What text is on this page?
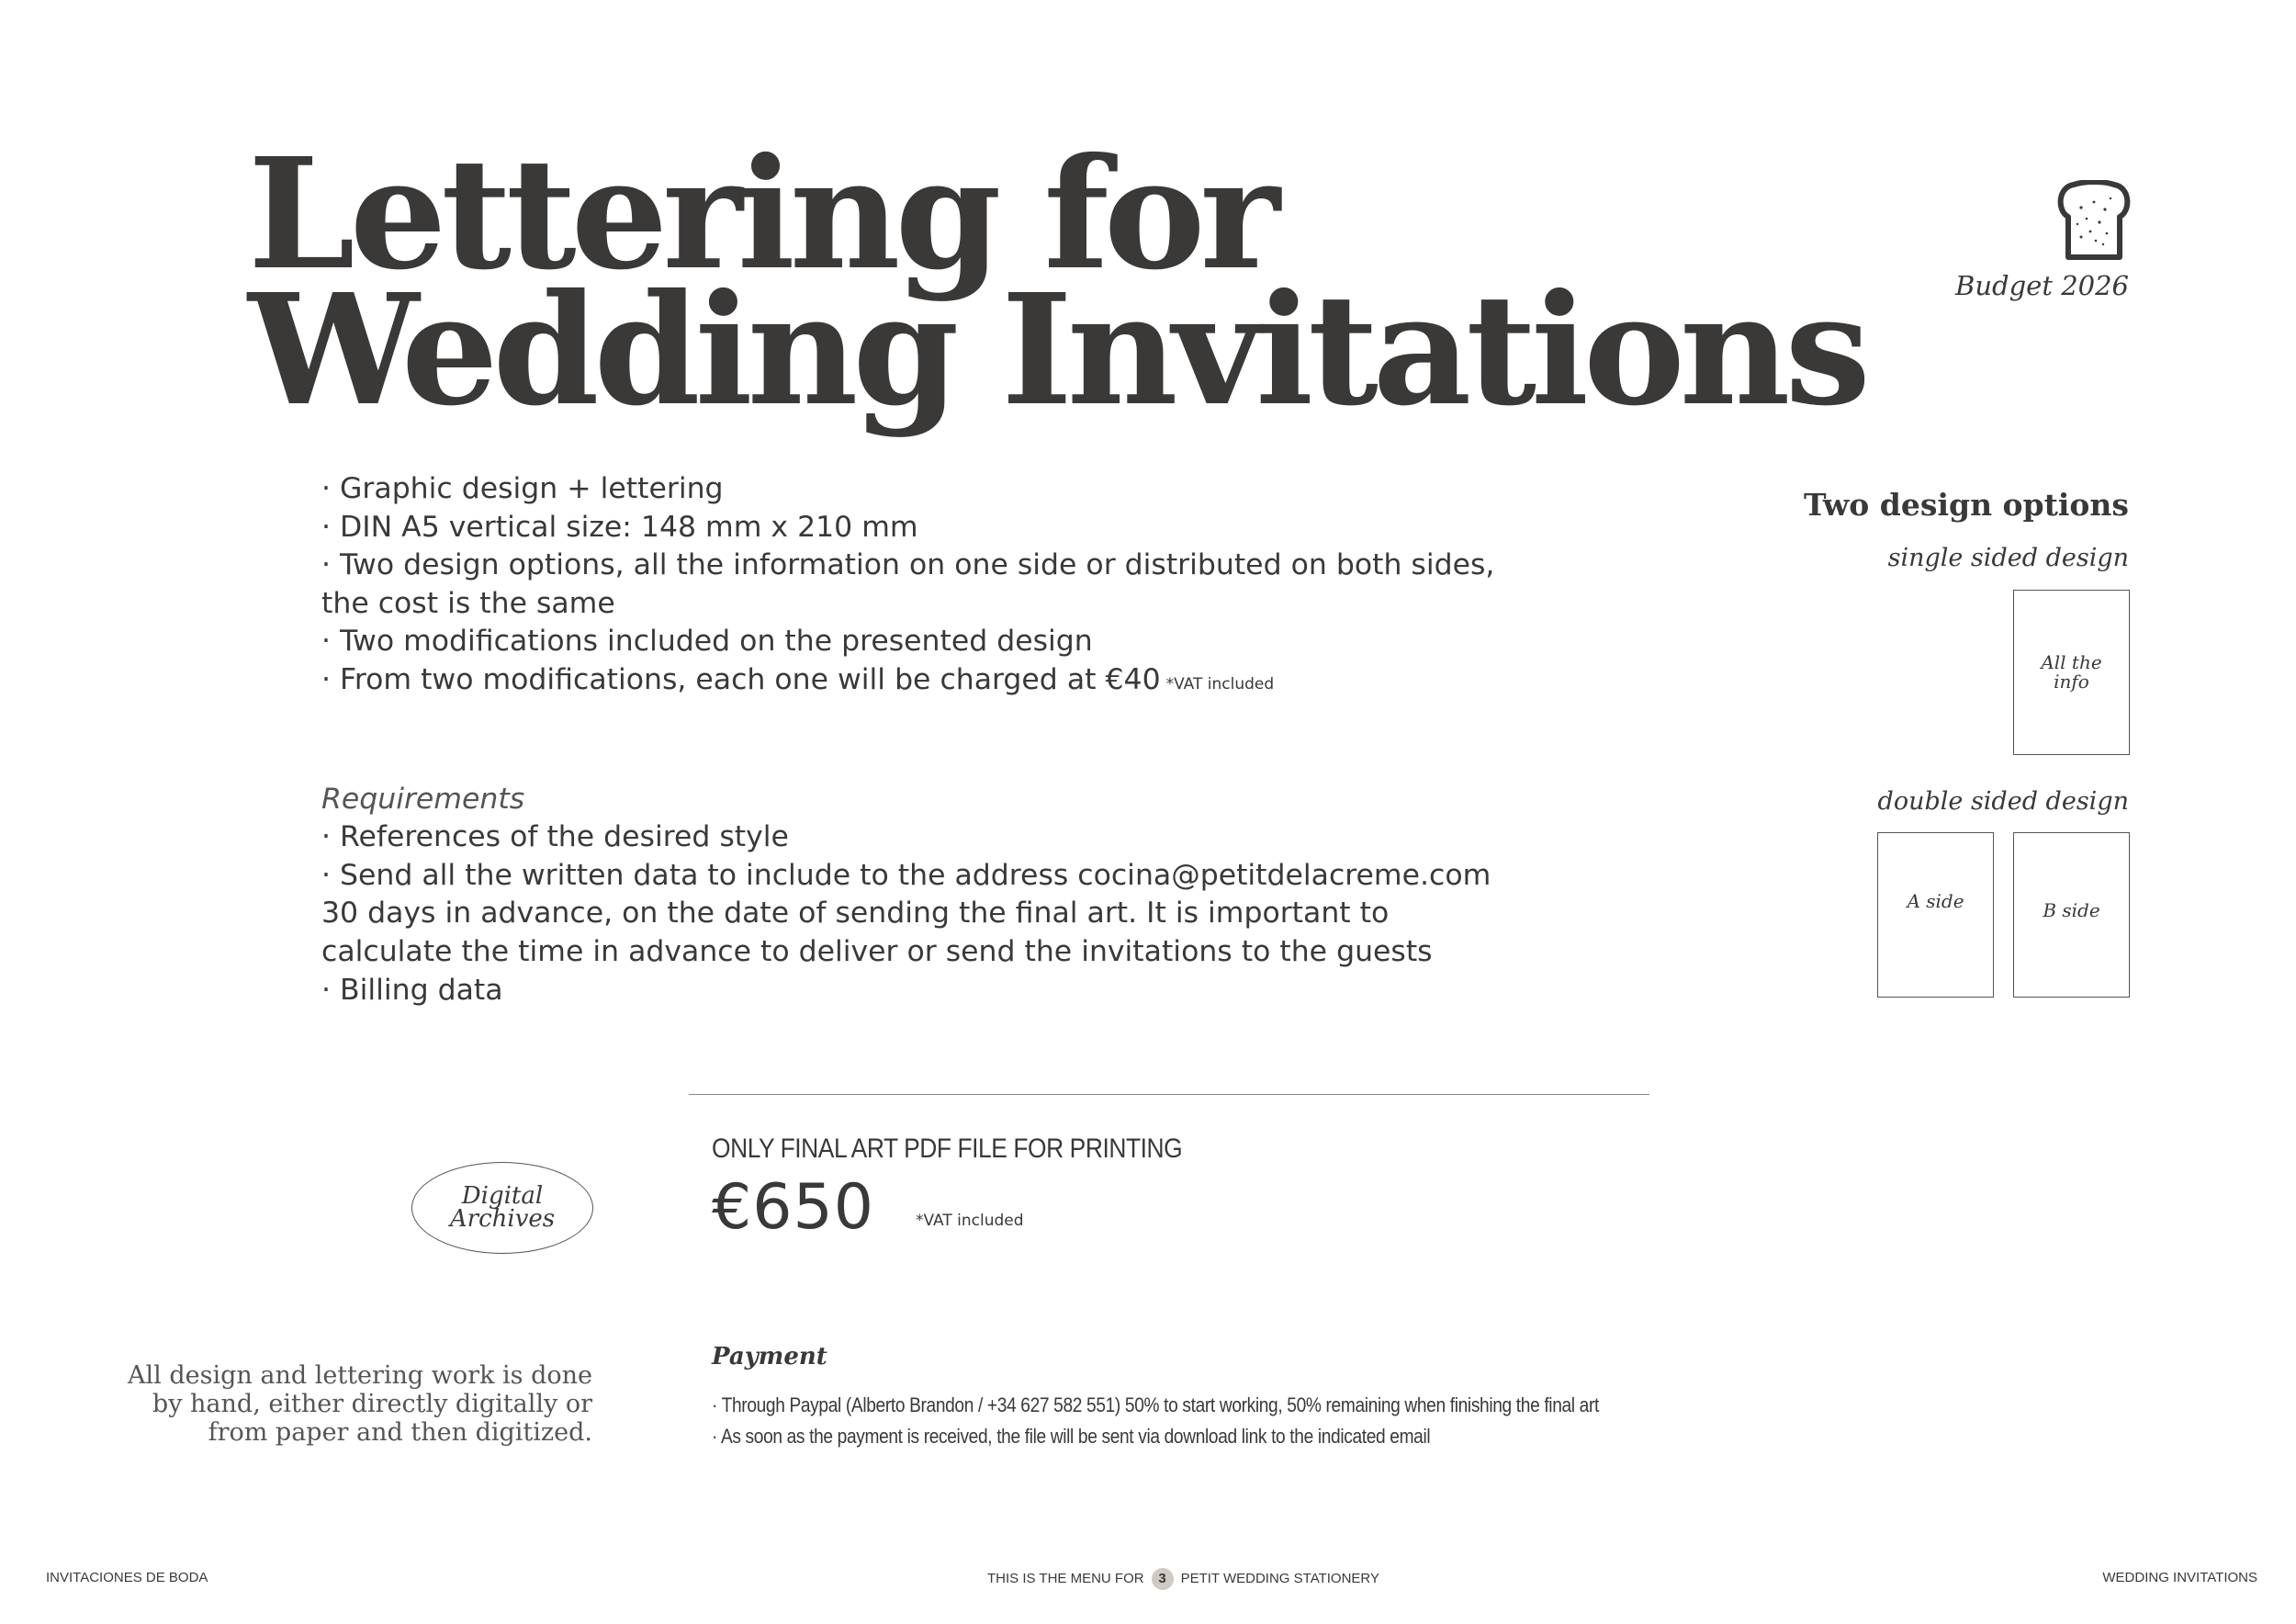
Lettering for
Wedding Invitations	Budget 2026
· Graphic design + lettering
· DIN A5 vertical size: 148 mm x 210 mm
· Two design options, all the information on one side or distributed on both sides,
the cost is the same
· Two modifications included on the presented design
· From two modifications, each one will be charged at €40 *VAT included
Requirements
· References of the desired style
· Send all the written data to include to the address cocina@petitdelacreme.com
30 days in advance, on the date of sending the final art. It is important to
calculate the time in advance to deliver or send the invitations to the guests
· Billing data
Two design options
single sided design
All the
info
double sided design
A side	B side
Digital
Archives
ONLY FINAL ART PDF FILE FOR PRINTING
€650	*VAT included
All design and lettering work is done
by hand, either directly digitally or
from paper and then digitized.
Payment
· Through Paypal (Alberto Brandon / +34 627 582 551) 50% to start working, 50% remaining when finishing the final art
· As soon as the payment is received, the file will be sent via download link to the indicated email
INVITACIONES DE BODA	THIS IS THE MENU FOR 3 PETIT WEDDING STATIONERY	WEDDING INVITATIONS
